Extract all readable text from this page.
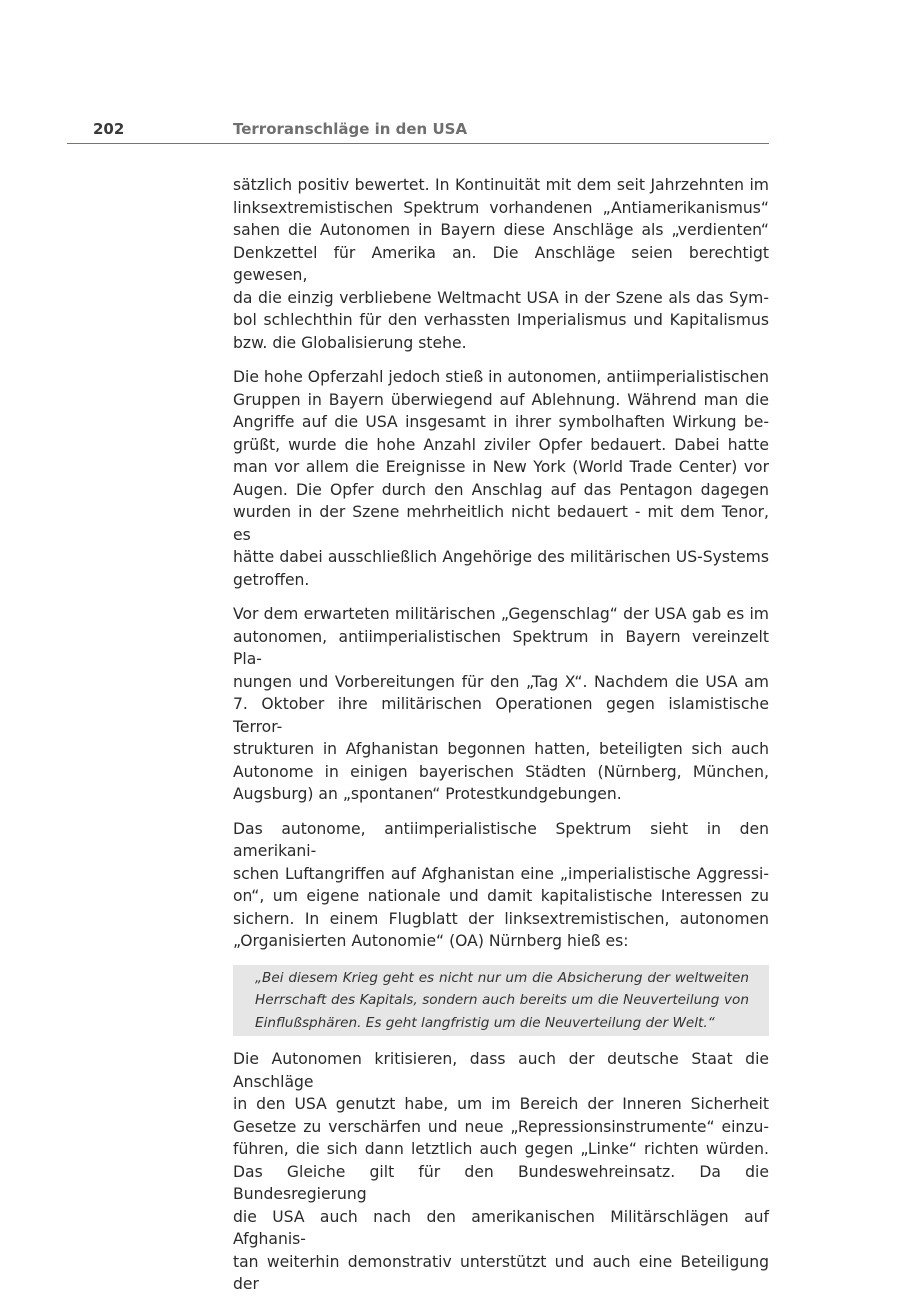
202	Terroranschläge in den USA

sätzlich positiv bewertet. In Kontinuität mit dem seit Jahrzehnten im
linksextremistischen Spektrum vorhandenen „Antiamerikanismus“
sahen die Autonomen in Bayern diese Anschläge als „verdienten“
Denkzettel für Amerika an. Die Anschläge seien berechtigt gewesen,
da die einzig verbliebene Weltmacht USA in der Szene als das Sym-
bol schlechthin für den verhassten Imperialismus und Kapitalismus
bzw. die Globalisierung stehe.

Die hohe Opferzahl jedoch stieß in autonomen, antiimperialistischen
Gruppen in Bayern überwiegend auf Ablehnung. Während man die
Angriffe auf die USA insgesamt in ihrer symbolhaften Wirkung be-
grüßt, wurde die hohe Anzahl ziviler Opfer bedauert. Dabei hatte
man vor allem die Ereignisse in New York (World Trade Center) vor
Augen. Die Opfer durch den Anschlag auf das Pentagon dagegen
wurden in der Szene mehrheitlich nicht bedauert - mit dem Tenor, es
hätte dabei ausschließlich Angehörige des militärischen US-Systems
getroffen.

Vor dem erwarteten militärischen „Gegenschlag“ der USA gab es im
autonomen, antiimperialistischen Spektrum in Bayern vereinzelt Pla-
nungen und Vorbereitungen für den „Tag X“. Nachdem die USA am
7. Oktober ihre militärischen Operationen gegen islamistische Terror-
strukturen in Afghanistan begonnen hatten, beteiligten sich auch
Autonome in einigen bayerischen Städten (Nürnberg, München,
Augsburg) an „spontanen“ Protestkundgebungen.

Das autonome, antiimperialistische Spektrum sieht in den amerikani-
schen Luftangriffen auf Afghanistan eine „imperialistische Aggressi-
on“, um eigene nationale und damit kapitalistische Interessen zu
sichern. In einem Flugblatt der linksextremistischen, autonomen
„Organisierten Autonomie“ (OA) Nürnberg hieß es:

„Bei diesem Krieg geht es nicht nur um die Absicherung der weltweiten
Herrschaft des Kapitals, sondern auch bereits um die Neuverteilung von
Einflußsphären. Es geht langfristig um die Neuverteilung der Welt.“

Die Autonomen kritisieren, dass auch der deutsche Staat die Anschläge
in den USA genutzt habe, um im Bereich der Inneren Sicherheit
Gesetze zu verschärfen und neue „Repressionsinstrumente“ einzu-
führen, die sich dann letztlich auch gegen „Linke“ richten würden.
Das Gleiche gilt für den Bundeswehreinsatz. Da die Bundesregierung
die USA auch nach den amerikanischen Militärschlägen auf Afghanis-
tan weiterhin demonstrativ unterstützt und auch eine Beteiligung der
